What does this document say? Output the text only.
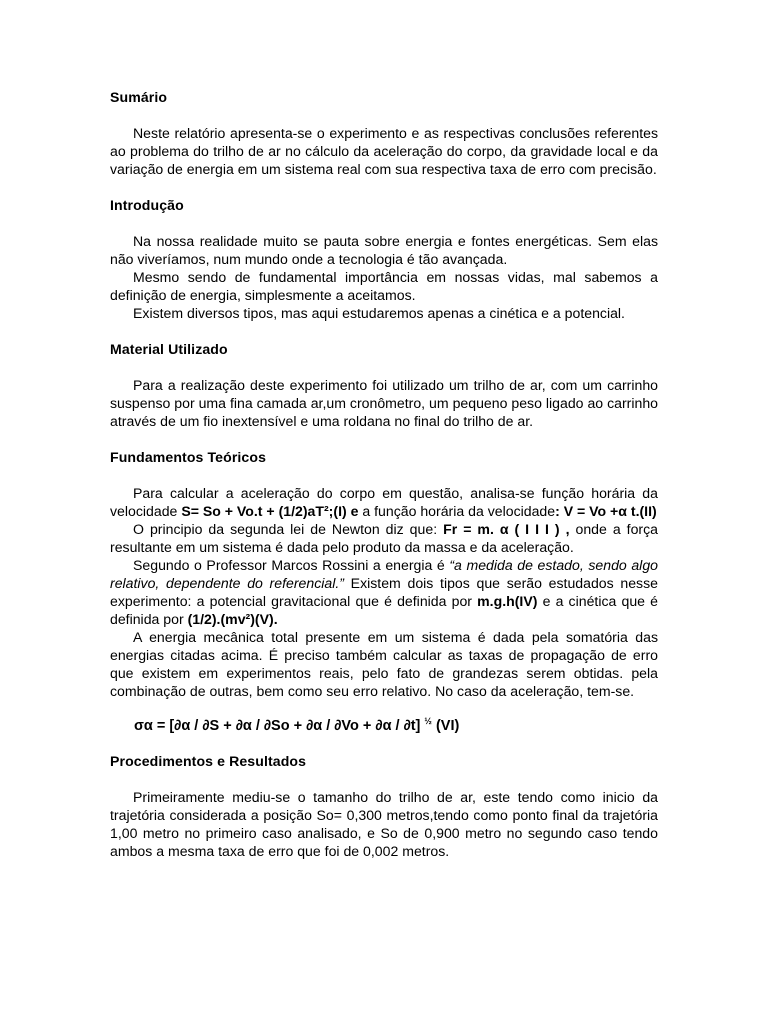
Sumário

Neste relatório apresenta-se o experimento e as respectivas conclusões referentes ao problema do trilho de ar no cálculo da aceleração do corpo, da gravidade local e da variação de energia em um sistema real com sua respectiva taxa de erro com precisão.

Introdução

Na nossa realidade muito se pauta sobre energia e fontes energéticas. Sem elas não viveríamos, num mundo onde a tecnologia é tão avançada.

Mesmo sendo de fundamental importância em nossas vidas, mal sabemos a definição de energia, simplesmente a aceitamos.

Existem diversos tipos, mas aqui estudaremos apenas a cinética e a potencial.

Material Utilizado

Para a realização deste experimento foi utilizado um trilho de ar, com um carrinho suspenso por uma fina camada ar,um cronômetro, um pequeno peso ligado ao carrinho através de um fio inextensível e uma roldana no final do trilho de ar.

Fundamentos Teóricos

Para calcular a aceleração do corpo em questão, analisa-se função horária da velocidade S= So + Vo.t + (1/2)aT²;(I) e a função horária da velocidade: V = Vo +α t.(II)

O principio da segunda lei de Newton diz que: Fr = m. α ( I I I ) , onde a força resultante em um sistema é dada pelo produto da massa e da aceleração.

Segundo o Professor Marcos Rossini a energia é “a medida de estado, sendo algo relativo, dependente do referencial.” Existem dois tipos que serão estudados nesse experimento: a potencial gravitacional que é definida por m.g.h(IV) e a cinética que é definida por (1/2).(mv²)(V).

A energia mecânica total presente em um sistema é dada pela somatória das energias citadas acima. É preciso também calcular as taxas de propagação de erro que existem em experimentos reais, pelo fato de grandezas serem obtidas. pela combinação de outras, bem como seu erro relativo. No caso da aceleração, tem-se.

σα = [∂α / ∂S + ∂α / ∂So + ∂α / ∂Vo + ∂α / ∂t] $^{\frac{1}{2}}$ (VI)

Procedimentos e Resultados

Primeiramente mediu-se o tamanho do trilho de ar, este tendo como inicio da trajetória considerada a posição So= 0,300 metros,tendo como ponto final da trajetória 1,00 metro no primeiro caso analisado, e So de 0,900 metro no segundo caso tendo ambos a mesma taxa de erro que foi de 0,002 metros.
